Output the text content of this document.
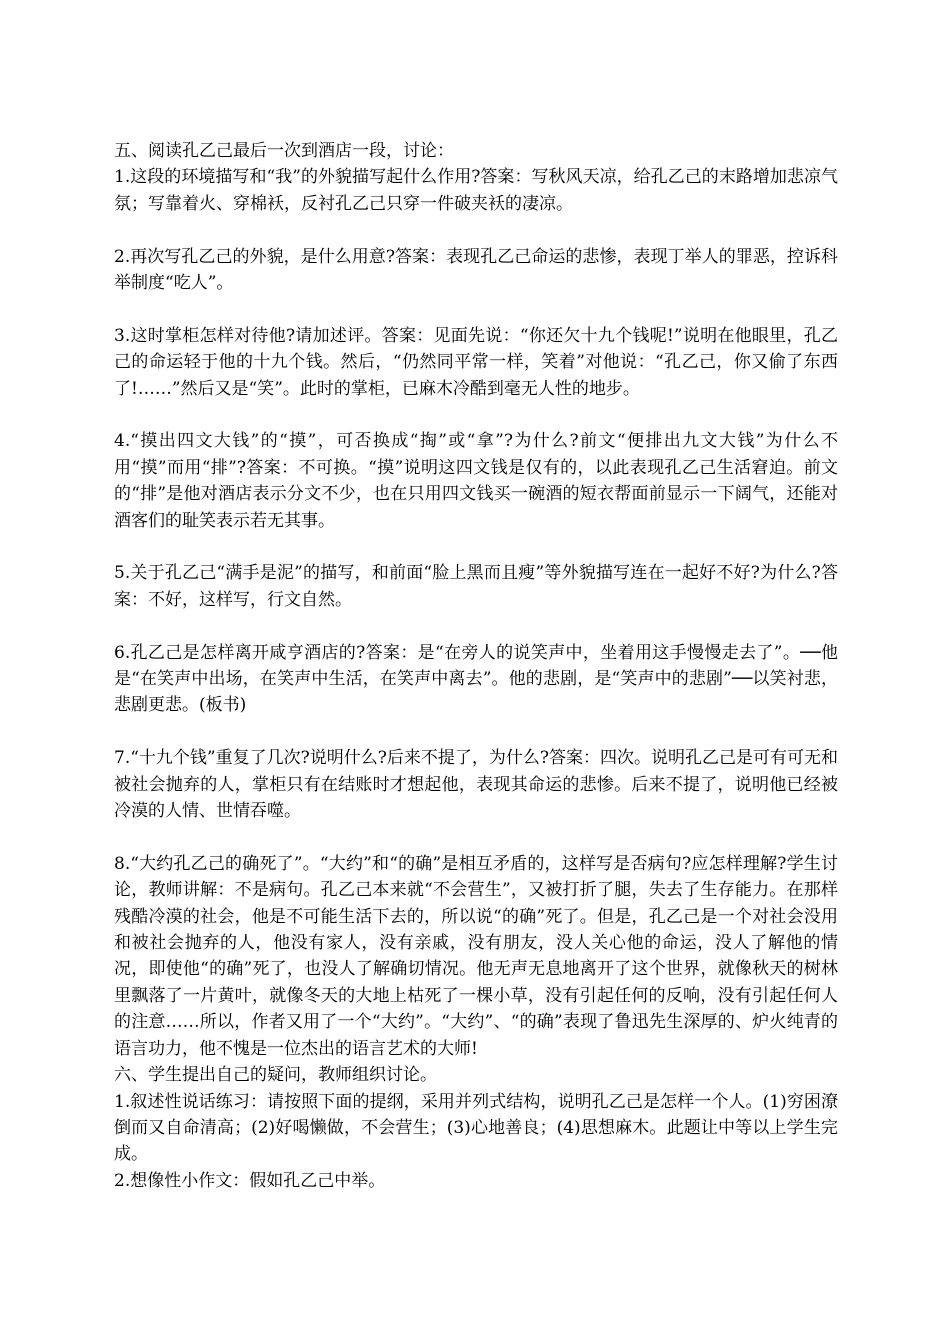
五、阅读孔乙己最后一次到酒店一段，讨论：

1.这段的环境描写和“我”的外貌描写起什么作用?答案：写秋风天凉，给孔乙己的末路增加悲凉气氛；写靠着火、穿棉袄，反衬孔乙己只穿一件破夹袄的凄凉。

2.再次写孔乙己的外貌，是什么用意?答案：表现孔乙己命运的悲惨，表现丁举人的罪恶，控诉科举制度“吃人”。

3.这时掌柜怎样对待他?请加述评。答案：见面先说：“你还欠十九个钱呢!”说明在他眼里，孔乙己的命运轻于他的十九个钱。然后，“仍然同平常一样，笑着”对他说：“孔乙己，你又偷了东西了!……”然后又是“笑”。此时的掌柜，已麻木冷酷到毫无人性的地步。

4.“摸出四文大钱”的“摸”，可否换成“掏”或“拿”?为什么?前文“便排出九文大钱”为什么不用“摸”而用“排”?答案：不可换。“摸”说明这四文钱是仅有的，以此表现孔乙己生活窘迫。前文的“排”是他对酒店表示分文不少，也在只用四文钱买一碗酒的短衣帮面前显示一下阔气，还能对酒客们的耻笑表示若无其事。

5.关于孔乙己“满手是泥”的描写，和前面“脸上黑而且瘦”等外貌描写连在一起好不好?为什么?答案：不好，这样写，行文自然。

6.孔乙己是怎样离开咸亨酒店的?答案：是“在旁人的说笑声中，坐着用这手慢慢走去了”。──他是“在笑声中出场，在笑声中生活，在笑声中离去”。他的悲剧，是“笑声中的悲剧”──以笑衬悲，悲剧更悲。(板书)

7.“十九个钱”重复了几次?说明什么?后来不提了，为什么?答案：四次。说明孔乙己是可有可无和被社会抛弃的人，掌柜只有在结账时才想起他，表现其命运的悲惨。后来不提了，说明他已经被冷漠的人情、世情吞噬。

8.“大约孔乙己的确死了”。“大约”和“的确”是相互矛盾的，这样写是否病句?应怎样理解?学生讨论，教师讲解：不是病句。孔乙己本来就“不会营生”，又被打折了腿，失去了生存能力。在那样残酷冷漠的社会，他是不可能生活下去的，所以说“的确”死了。但是，孔乙己是一个对社会没用和被社会抛弃的人，他没有家人，没有亲戚，没有朋友，没人关心他的命运，没人了解他的情况，即使他“的确”死了，也没人了解确切情况。他无声无息地离开了这个世界，就像秋天的树林里飘落了一片黄叶，就像冬天的大地上枯死了一棵小草，没有引起任何的反响，没有引起任何人的注意……所以，作者又用了一个“大约”。“大约”、“的确”表现了鲁迅先生深厚的、炉火纯青的语言功力，他不愧是一位杰出的语言艺术的大师!

六、学生提出自己的疑问，教师组织讨论。

1.叙述性说话练习：请按照下面的提纲，采用并列式结构，说明孔乙己是怎样一个人。(1)穷困潦倒而又自命清高；(2)好喝懒做，不会营生；(3)心地善良；(4)思想麻木。此题让中等以上学生完成。

2.想像性小作文：假如孔乙己中举。
